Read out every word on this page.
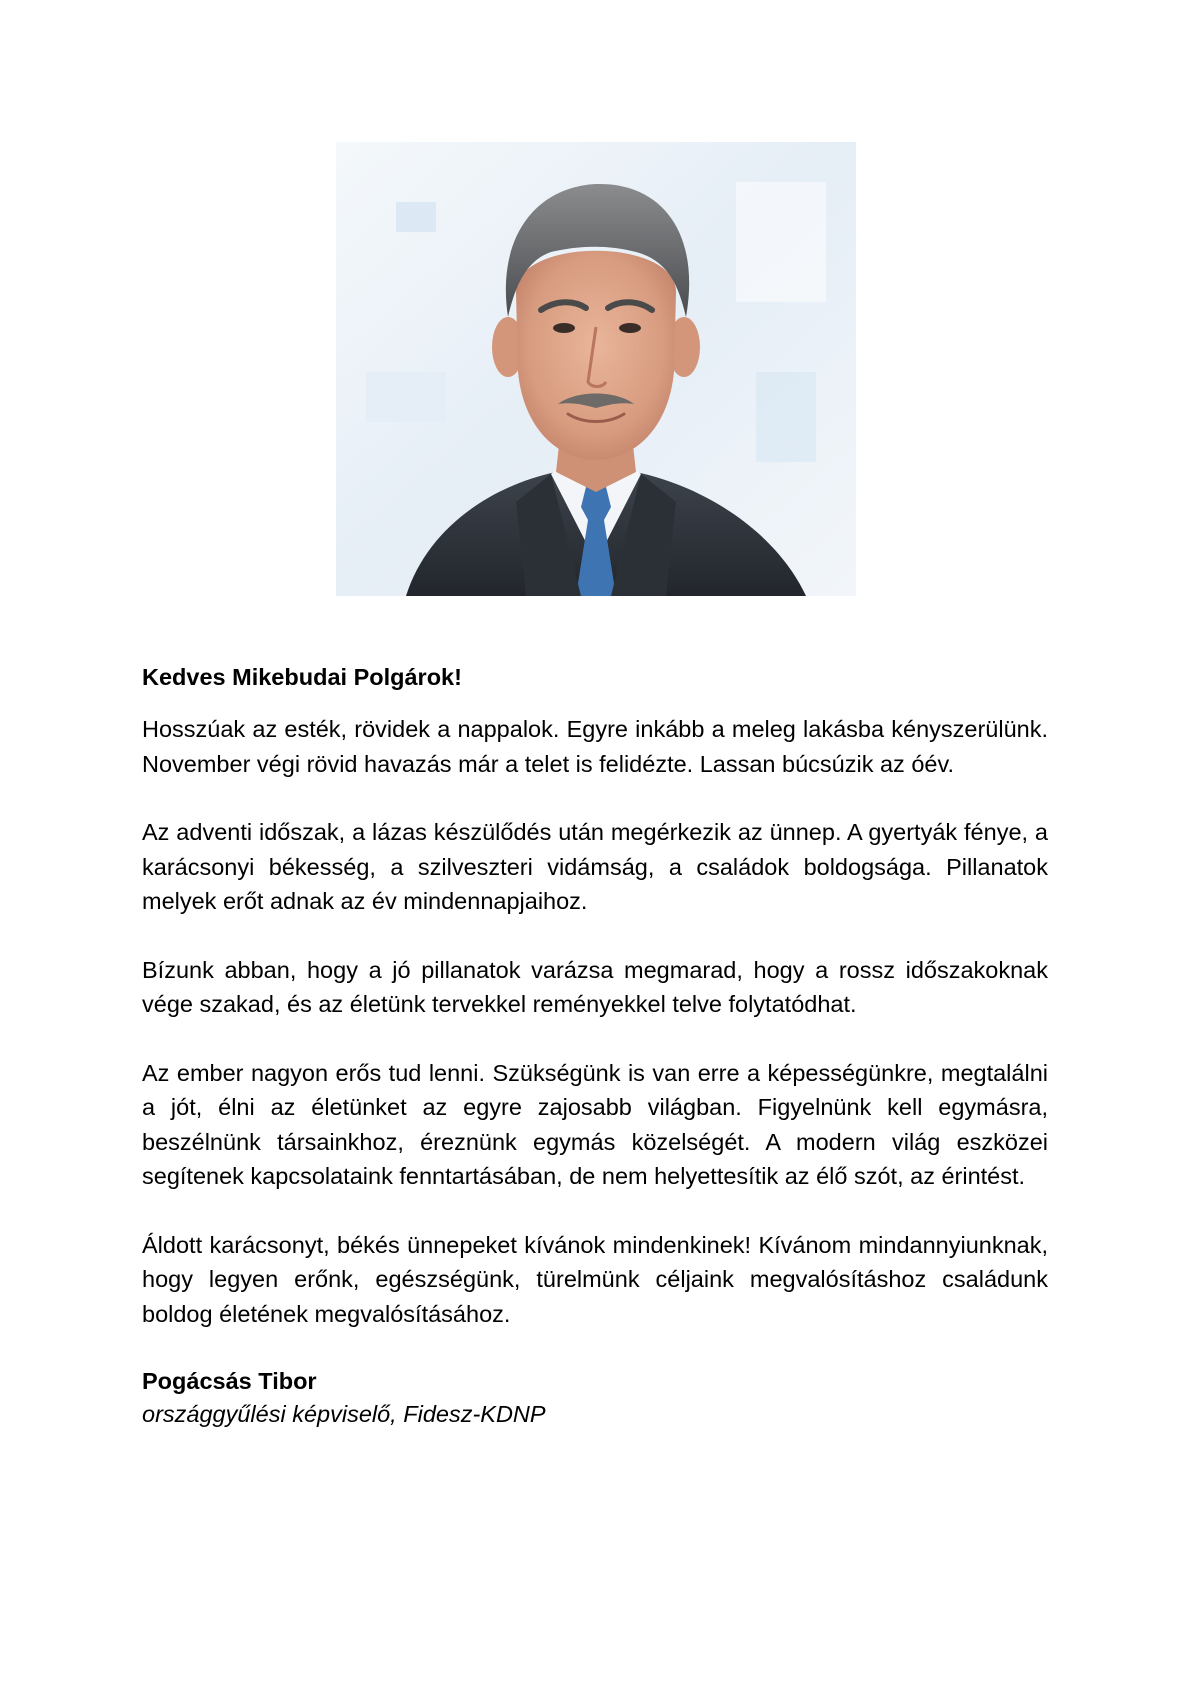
Kedves Mikebudai Polgárok!

Hosszúak az esték, rövidek a nappalok. Egyre inkább a meleg lakásba kényszerülünk. November végi rövid havazás már a telet is felidézte. Lassan búcsúzik az óév.

Az adventi időszak, a lázas készülődés után megérkezik az ünnep. A gyertyák fénye, a karácsonyi békesség, a szilveszteri vidámság, a családok boldogsága. Pillanatok melyek erőt adnak az év mindennapjaihoz.

Bízunk abban, hogy a jó pillanatok varázsa megmarad, hogy a rossz időszakoknak vége szakad, és az életünk tervekkel reményekkel telve folytatódhat.

Az ember nagyon erős tud lenni. Szükségünk is van erre a képességünkre, megtalálni a jót, élni az életünket az egyre zajosabb világban. Figyelnünk kell egymásra, beszélnünk társainkhoz, éreznünk egymás közelségét. A modern világ eszközei segítenek kapcsolataink fenntartásában, de nem helyettesítik az élő szót, az érintést.

Áldott karácsonyt, békés ünnepeket kívánok mindenkinek! Kívánom mindannyiunknak, hogy legyen erőnk, egészségünk, türelmünk céljaink megvalósításhoz családunk boldog életének megvalósításához.

Pogácsás Tibor

országgyűlési képviselő, Fidesz-KDNP
